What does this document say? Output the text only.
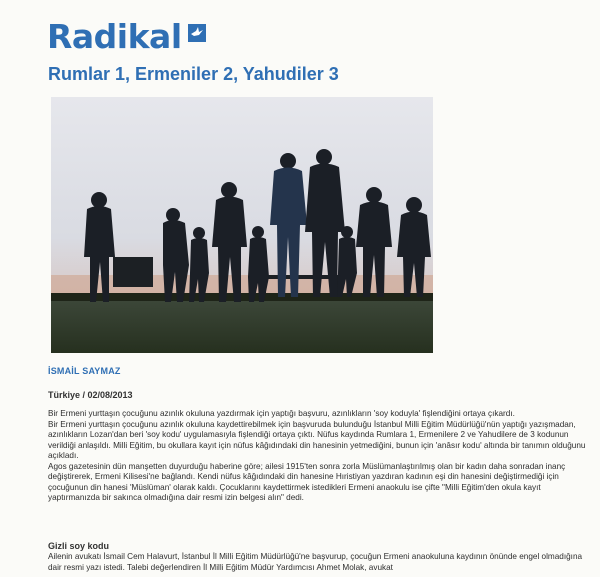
Radikal
Rumlar 1, Ermeniler 2, Yahudiler 3
İSMAİL SAYMAZ
Türkiye / 02/08/2013

Bir Ermeni yurttaşın çocuğunu azınlık okuluna yazdırmak için yaptığı başvuru, azınlıkların 'soy koduyla' fişlendiğini ortaya çıkardı.

Bir Ermeni yurttaşın çocuğunu azınlık okuluna kaydettirebilmek için başvuruda bulunduğu İstanbul Milli Eğitim Müdürlüğü'nün yaptığı yazışmadan, azınlıkların Lozan'dan beri 'soy kodu' uygulamasıyla fişlendiği ortaya çıktı. Nüfus kaydında Rumlara 1, Ermenilere 2 ve Yahudilere de 3 kodunun verildiği anlaşıldı. Milli Eğitim, bu okullara kayıt için nüfus kâğıdındaki din hanesinin yetmediğini, bunun için 'anâsır kodu' altında bir tanımın olduğunu açıkladı.

Agos gazetesinin dün manşetten duyurduğu haberine göre; ailesi 1915'ten sonra zorla Müslümanlaştırılmış olan bir kadın daha sonradan inanç değiştirerek, Ermeni Kilisesi'ne bağlandı. Kendi nüfus kâğıdındaki din hanesine Hıristiyan yazdıran kadının eşi din hanesini değiştirmediği için çocuğunun din hanesi 'Müslüman' olarak kaldı. Çocuklarını kaydettirmek istedikleri Ermeni anaokulu ise çifte "Milli Eğitim'den okula kayıt yaptırmanızda bir sakınca olmadığına dair resmi izin belgesi alın" dedi.

Gizli soy kodu

Ailenin avukatı İsmail Cem Halavurt, İstanbul İl Milli Eğitim Müdürlüğü'ne başvurup, çocuğun Ermeni anaokuluna kaydının önünde engel olmadığına dair resmi yazı istedi. Talebi değerlendiren İl Milli Eğitim Müdür Yardımcısı Ahmet Molak, avukat
